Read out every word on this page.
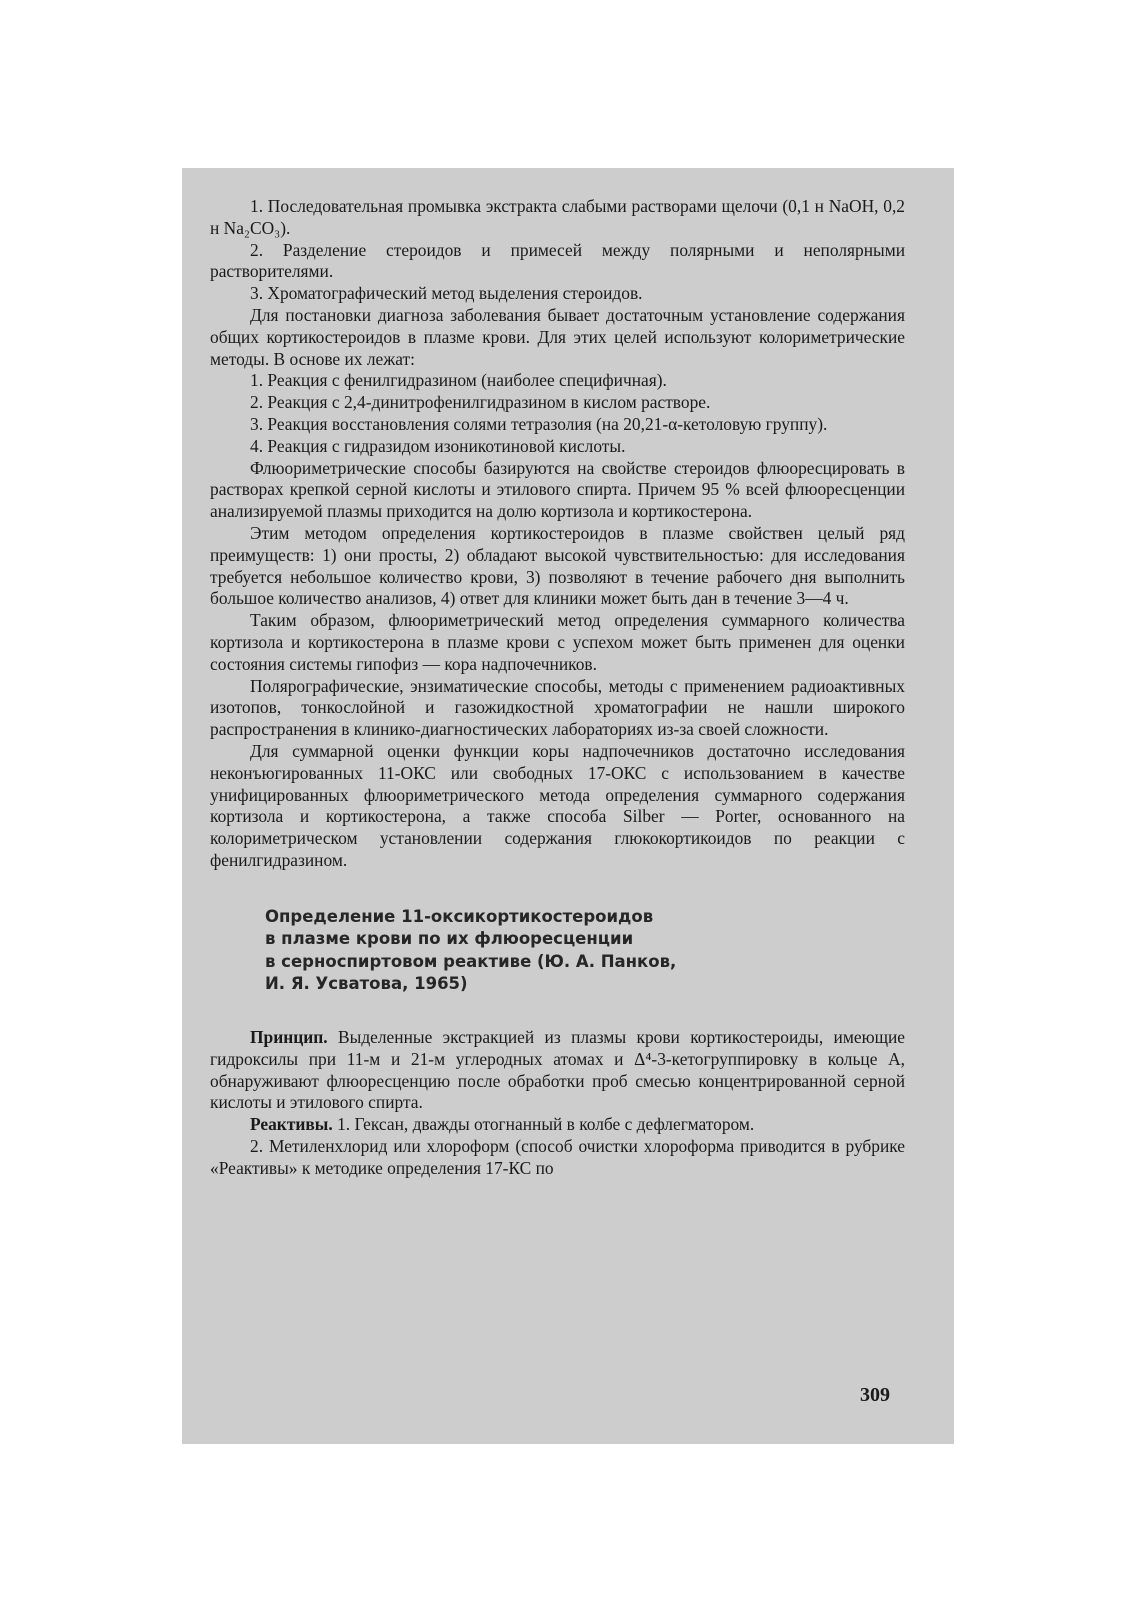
1. Последовательная промывка экстракта слабыми растворами щелочи (0,1 н NaOH, 0,2 н Na₂CO₃).

2. Разделение стероидов и примесей между полярными и неполярными растворителями.

3. Хроматографический метод выделения стероидов.

Для постановки диагноза заболевания бывает достаточным установление содержания общих кортикостероидов в плазме крови. Для этих целей используют колориметрические методы. В основе их лежат:

1. Реакция с фенилгидразином (наиболее специфичная).

2. Реакция с 2,4-динитрофенилгидразином в кислом растворе.

3. Реакция восстановления солями тетразолия (на 20,21-α-кетоловую группу).

4. Реакция с гидразидом изоникотиновой кислоты.

Флюориметрические способы базируются на свойстве стероидов флюоресцировать в растворах крепкой серной кислоты и этилового спирта. Причем 95 % всей флюоресценции анализируемой плазмы приходится на долю кортизола и кортикостерона.

Этим методом определения кортикостероидов в плазме свойствен целый ряд преимуществ: 1) они просты, 2) обладают высокой чувствительностью: для исследования требуется небольшое количество крови, 3) позволяют в течение рабочего дня выполнить большое количество анализов, 4) ответ для клиники может быть дан в течение 3—4 ч.

Таким образом, флюориметрический метод определения суммарного количества кортизола и кортикостерона в плазме крови с успехом может быть применен для оценки состояния системы гипофиз — кора надпочечников.

Полярографические, энзиматические способы, методы с применением радиоактивных изотопов, тонкослойной и газожидкостной хроматографии не нашли широкого распространения в клинико-диагностических лабораториях из-за своей сложности.

Для суммарной оценки функции коры надпочечников достаточно исследования неконъюгированных 11-ОКС или свободных 17-ОКС с использованием в качестве унифицированных флюориметрического метода определения суммарного содержания кортизола и кортикостерона, а также способа Silber — Porter, основанного на колориметрическом установлении содержания глюкокортикоидов по реакции с фенилгидразином.

Определение 11-оксикортикостероидов
в плазме крови по их флюоресценции
в серноспиртовом реактиве (Ю. А. Панков,
И. Я. Усватова, 1965)

Принцип. Выделенные экстракцией из плазмы крови кортикостероиды, имеющие гидроксилы при 11-м и 21-м углеродных атомах и Δ⁴-3-кетогруппировку в кольце А, обнаруживают флюоресценцию после обработки проб смесью концентрированной серной кислоты и этилового спирта.

Реактивы. 1. Гексан, дважды отогнанный в колбе с дефлегматором.

2. Метиленхлорид или хлороформ (способ очистки хлороформа приводится в рубрике «Реактивы» к методике определения 17-КС по

309
